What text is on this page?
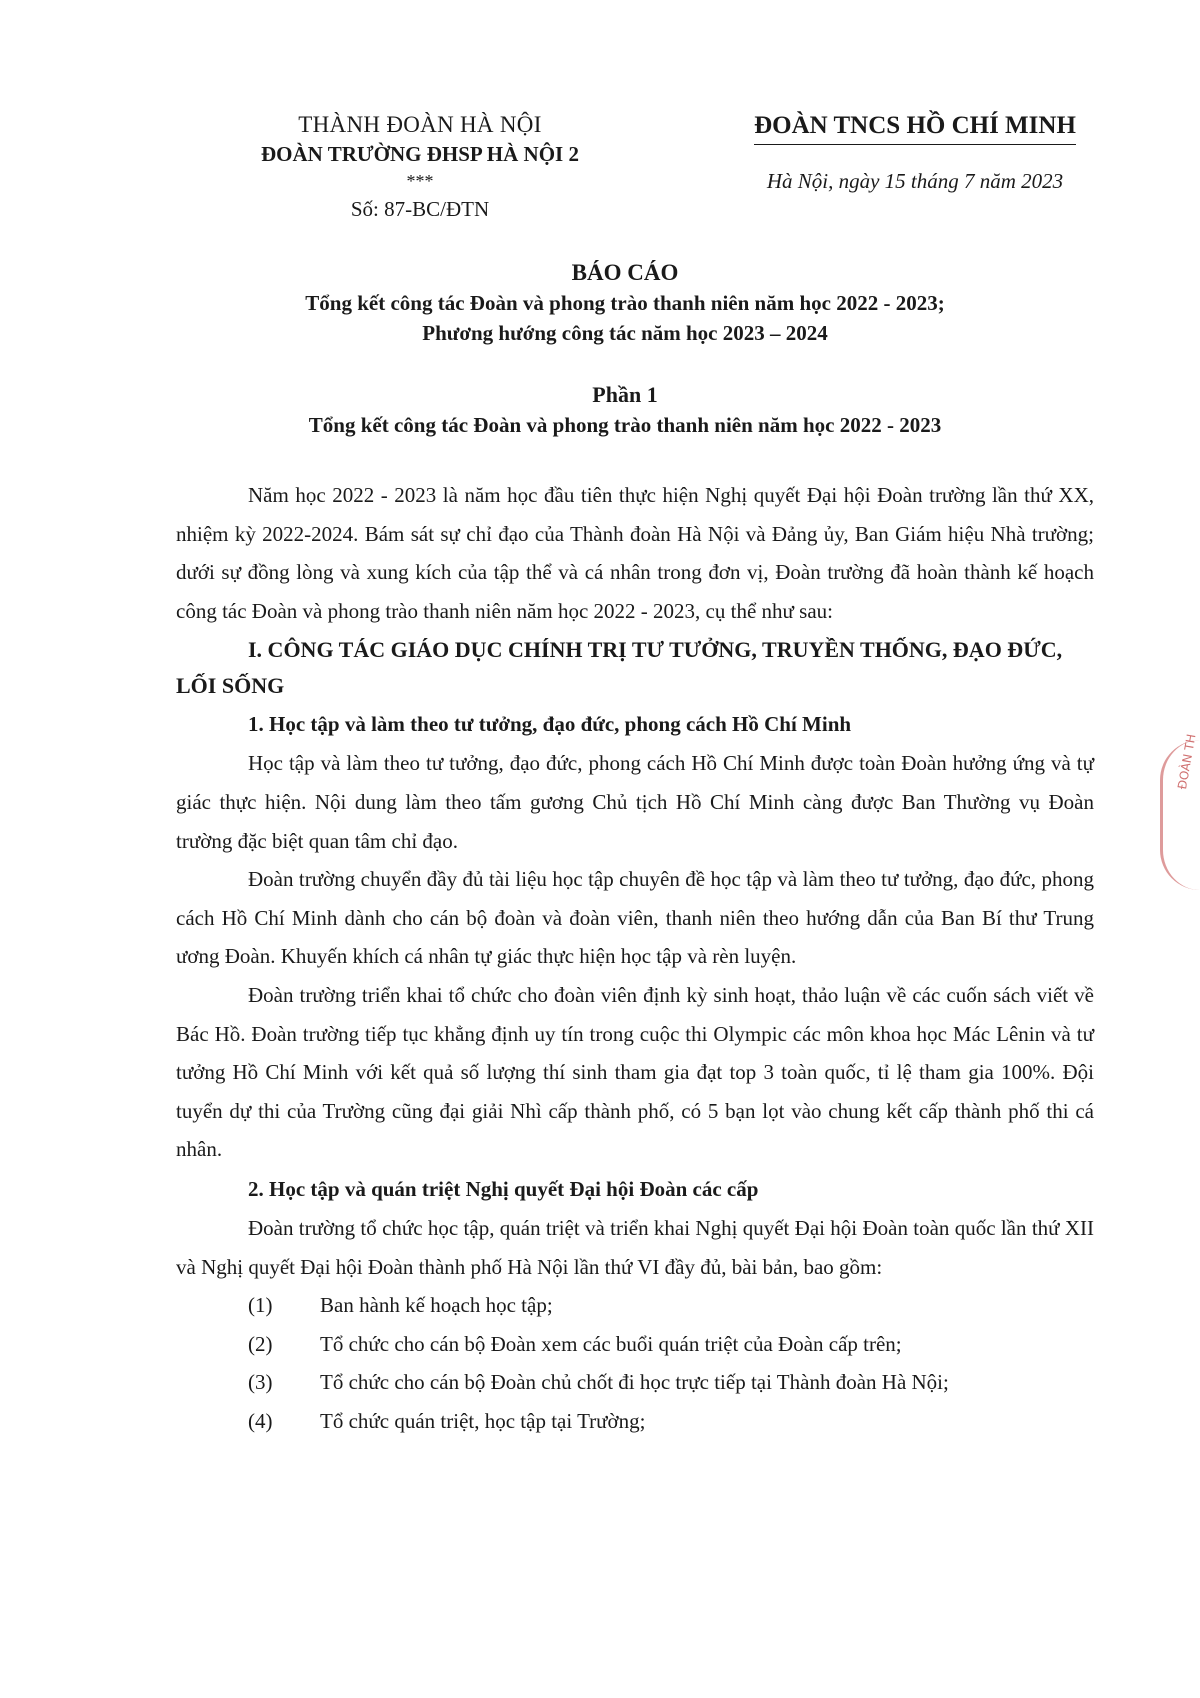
THÀNH ĐOÀN HÀ NỘI
ĐOÀN TRƯỜNG ĐHSP HÀ NỘI 2
***
Số: 87-BC/ĐTN
ĐOÀN TNCS HỒ CHÍ MINH
Hà Nội, ngày 15 tháng 7 năm 2023
BÁO CÁO
Tổng kết công tác Đoàn và phong trào thanh niên năm học 2022 - 2023;
Phương hướng công tác năm học 2023 – 2024
Phần 1
Tổng kết công tác Đoàn và phong trào thanh niên năm học 2022 - 2023

Năm học 2022 - 2023 là năm học đầu tiên thực hiện Nghị quyết Đại hội Đoàn trường lần thứ XX, nhiệm kỳ 2022-2024. Bám sát sự chỉ đạo của Thành đoàn Hà Nội và Đảng ủy, Ban Giám hiệu Nhà trường; dưới sự đồng lòng và xung kích của tập thể và cá nhân trong đơn vị, Đoàn trường đã hoàn thành kế hoạch công tác Đoàn và phong trào thanh niên năm học 2022 - 2023, cụ thể như sau:

I. CÔNG TÁC GIÁO DỤC CHÍNH TRỊ TƯ TƯỞNG, TRUYỀN THỐNG, ĐẠO ĐỨC, LỐI SỐNG

1. Học tập và làm theo tư tưởng, đạo đức, phong cách Hồ Chí Minh

Học tập và làm theo tư tưởng, đạo đức, phong cách Hồ Chí Minh được toàn Đoàn hưởng ứng và tự giác thực hiện. Nội dung làm theo tấm gương Chủ tịch Hồ Chí Minh càng được Ban Thường vụ Đoàn trường đặc biệt quan tâm chỉ đạo.

Đoàn trường chuyển đầy đủ tài liệu học tập chuyên đề học tập và làm theo tư tưởng, đạo đức, phong cách Hồ Chí Minh dành cho cán bộ đoàn và đoàn viên, thanh niên theo hướng dẫn của Ban Bí thư Trung ương Đoàn. Khuyến khích cá nhân tự giác thực hiện học tập và rèn luyện.

Đoàn trường triển khai tổ chức cho đoàn viên định kỳ sinh hoạt, thảo luận về các cuốn sách viết về Bác Hồ. Đoàn trường tiếp tục khẳng định uy tín trong cuộc thi Olympic các môn khoa học Mác Lênin và tư tưởng Hồ Chí Minh với kết quả số lượng thí sinh tham gia đạt top 3 toàn quốc, tỉ lệ tham gia 100%. Đội tuyển dự thi của Trường cũng đại giải Nhì cấp thành phố, có 5 bạn lọt vào chung kết cấp thành phố thi cá nhân.

2. Học tập và quán triệt Nghị quyết Đại hội Đoàn các cấp

Đoàn trường tổ chức học tập, quán triệt và triển khai Nghị quyết Đại hội Đoàn toàn quốc lần thứ XII và Nghị quyết Đại hội Đoàn thành phố Hà Nội lần thứ VI đầy đủ, bài bản, bao gồm:

(1)	Ban hành kế hoạch học tập;
(2)	Tổ chức cho cán bộ Đoàn xem các buổi quán triệt của Đoàn cấp trên;
(3)	Tổ chức cho cán bộ Đoàn chủ chốt đi học trực tiếp tại Thành đoàn Hà Nội;
(4)	Tổ chức quán triệt, học tập tại Trường;
ĐOÀN TH
